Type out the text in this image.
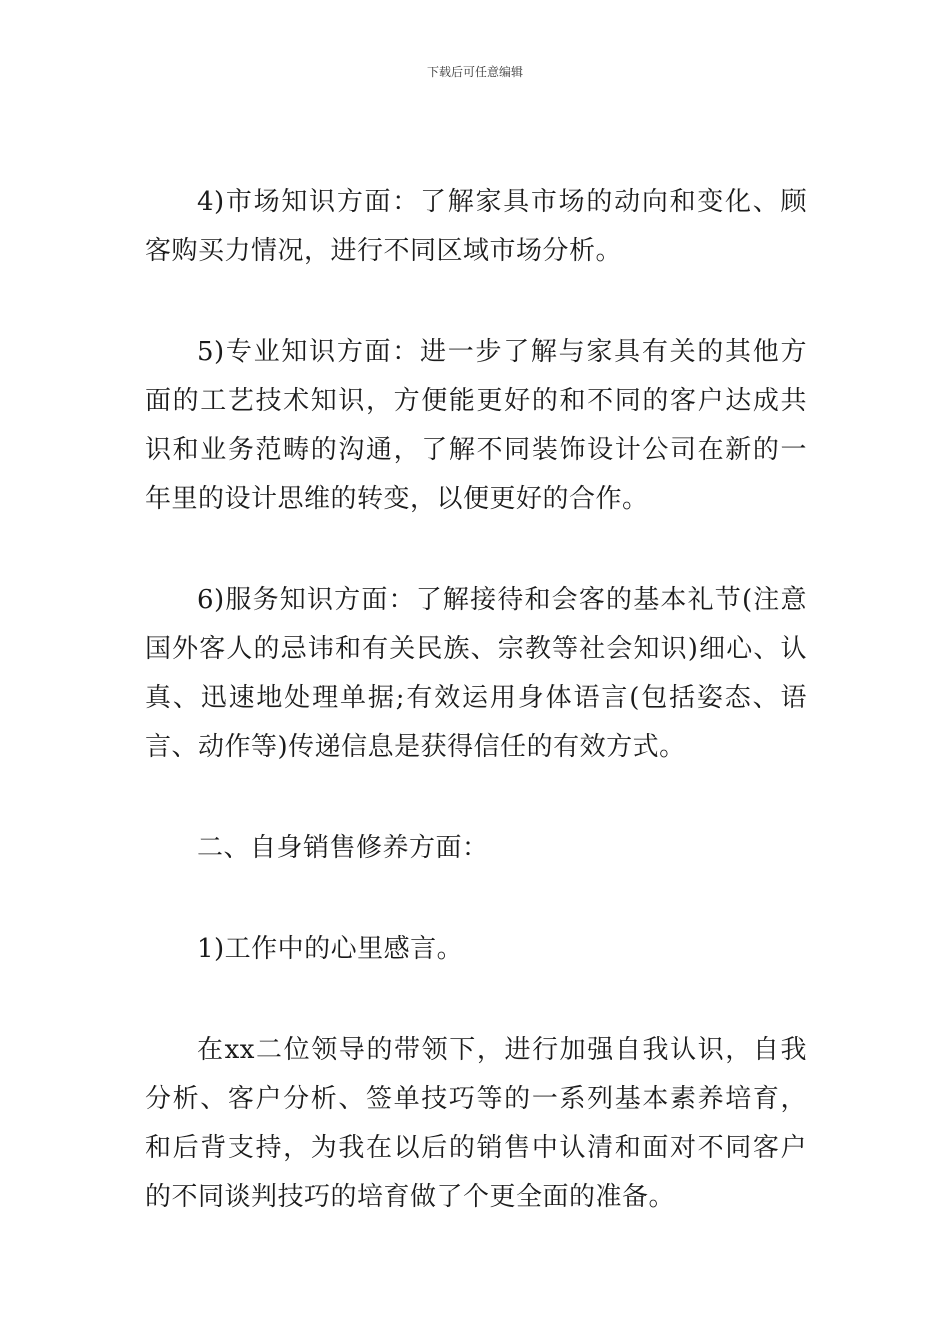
下载后可任意编辑

4)市场知识方面：了解家具市场的动向和变化、顾客购买力情况，进行不同区域市场分析。

5)专业知识方面：进一步了解与家具有关的其他方面的工艺技术知识，方便能更好的和不同的客户达成共识和业务范畴的沟通，了解不同装饰设计公司在新的一年里的设计思维的转变，以便更好的合作。

6)服务知识方面：了解接待和会客的基本礼节(注意国外客人的忌讳和有关民族、宗教等社会知识)细心、认真、迅速地处理单据;有效运用身体语言(包括姿态、语言、动作等)传递信息是获得信任的有效方式。

二、自身销售修养方面：

1)工作中的心里感言。

在xx二位领导的带领下，进行加强自我认识，自我分析、客户分析、签单技巧等的一系列基本素养培育，和后背支持，为我在以后的销售中认清和面对不同客户的不同谈判技巧的培育做了个更全面的准备。
